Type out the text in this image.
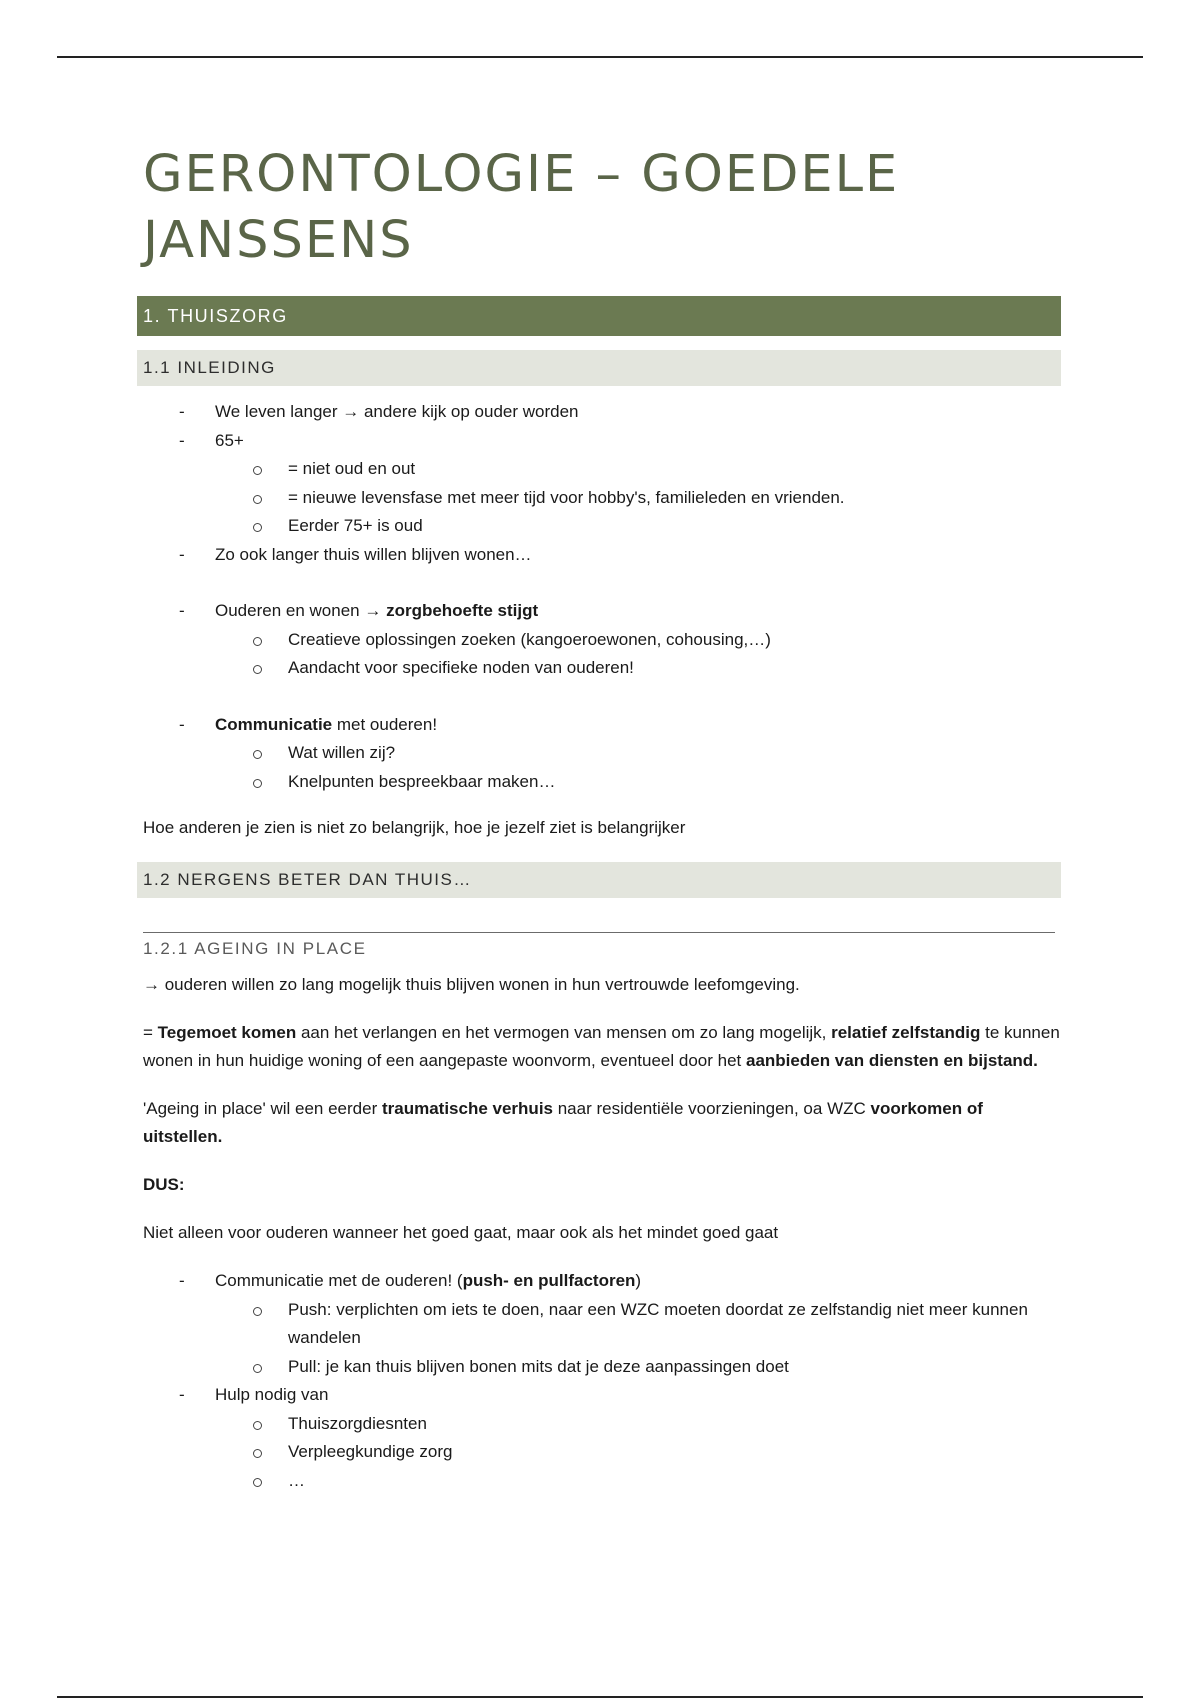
GERONTOLOGIE – GOEDELE
JANSSENS
1. THUISZORG
1.1 INLEIDING
- We leven langer → andere kijk op ouder worden
- 65+
= niet oud en out
= nieuwe levensfase met meer tijd voor hobby's, familieleden en vrienden.
Eerder 75+ is oud
- Zo ook langer thuis willen blijven wonen…
- Ouderen en wonen → zorgbehoefte stijgt
Creatieve oplossingen zoeken (kangoeroewonen, cohousing,…)
Aandacht voor specifieke noden van ouderen!
- Communicatie met ouderen!
Wat willen zij?
Knelpunten bespreekbaar maken…
Hoe anderen je zien is niet zo belangrijk, hoe je jezelf ziet is belangrijker
1.2 NERGENS BETER DAN THUIS…
1.2.1 AGEING IN PLACE
→ ouderen willen zo lang mogelijk thuis blijven wonen in hun vertrouwde leefomgeving.
= Tegemoet komen aan het verlangen en het vermogen van mensen om zo lang mogelijk, relatief zelfstandig te kunnen wonen in hun huidige woning of een aangepaste woonvorm, eventueel door het aanbieden van diensten en bijstand.
'Ageing in place' wil een eerder traumatische verhuis naar residentiële voorzieningen, oa WZC voorkomen of uitstellen.
DUS:
Niet alleen voor ouderen wanneer het goed gaat, maar ook als het mindet goed gaat
- Communicatie met de ouderen! (push- en pullfactoren)
Push: verplichten om iets te doen, naar een WZC moeten doordat ze zelfstandig niet meer kunnen wandelen
Pull: je kan thuis blijven bonen mits dat je deze aanpassingen doet
- Hulp nodig van
Thuiszorgdiesnten
Verpleegkundige zorg
…
